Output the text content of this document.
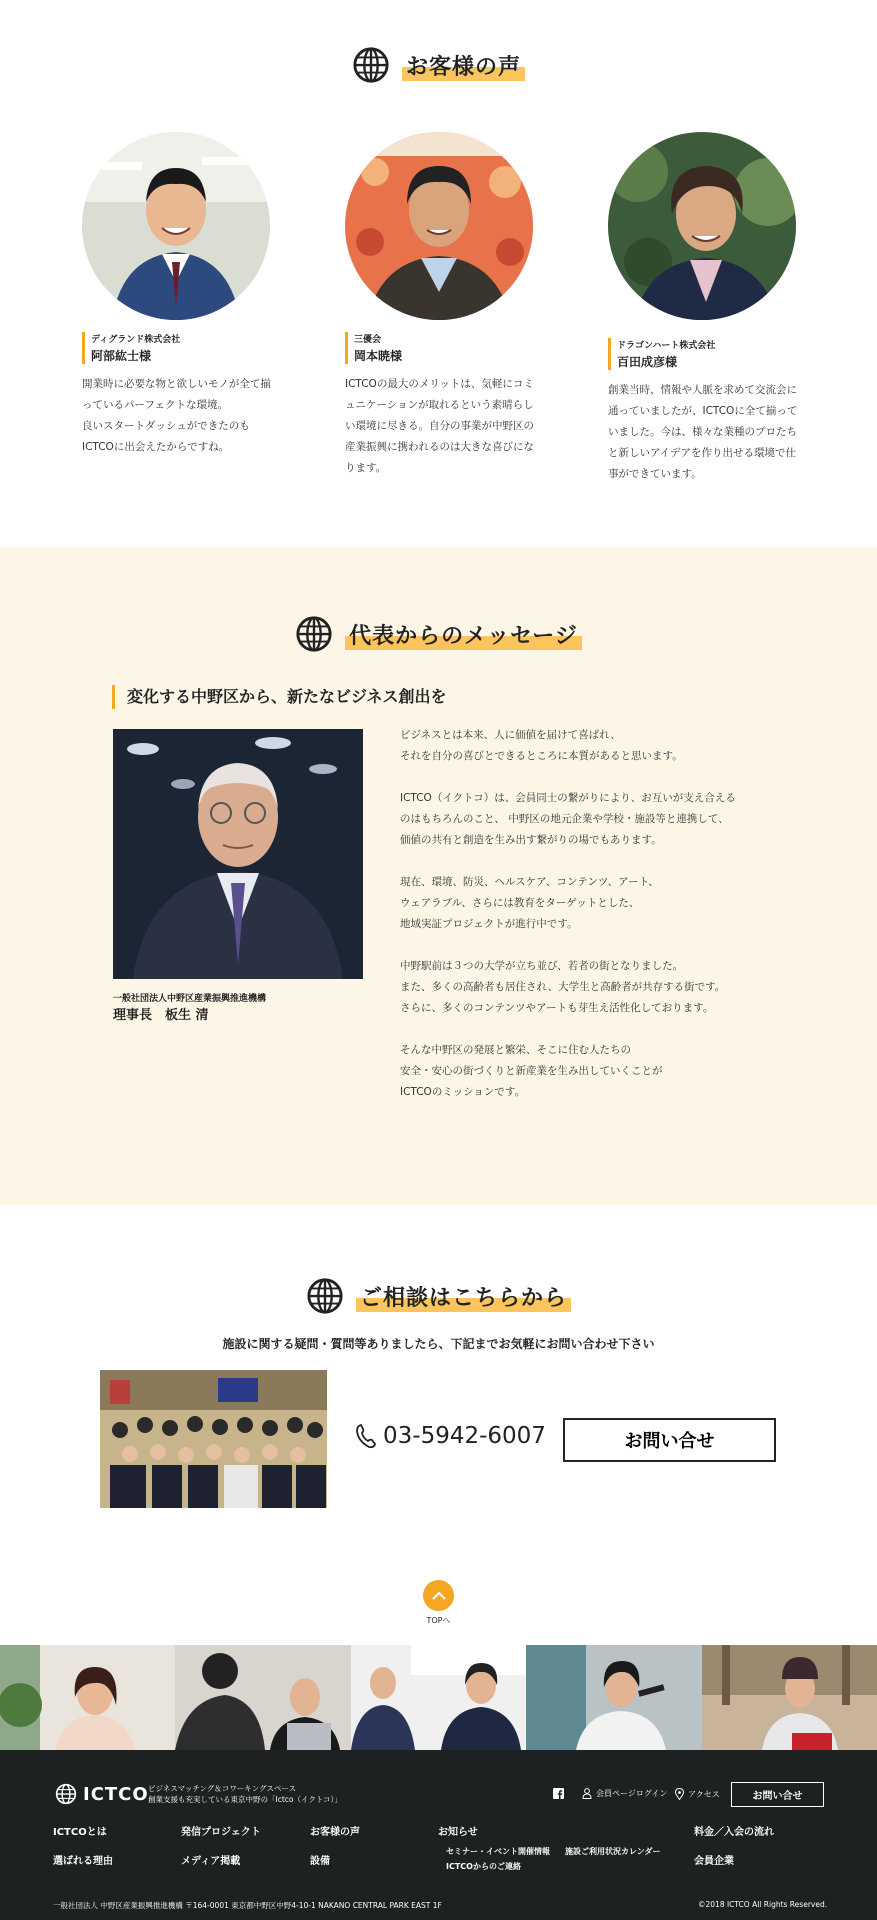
お客様の声
ディグランド株式会社
阿部紘士様
開業時に必要な物と欲しいモノが全て揃
っているパーフェクトな環境。
良いスタートダッシュができたのも
ICTCOに出会えたからですね。
三優会
岡本暁様
ICTCOの最大のメリットは、気軽にコミ
ュニケーションが取れるという素晴らし
い環境に尽きる。自分の事業が中野区の
産業振興に携われるのは大きな喜びにな
ります。
ドラゴンハート株式会社
百田成彦様
創業当時、情報や人脈を求めて交流会に
通っていましたが、ICTCOに全て揃って
いました。今は、様々な業種のプロたち
と新しいアイデアを作り出せる環境で仕
事ができています。
代表からのメッセージ
変化する中野区から、新たなビジネス創出を
一般社団法人中野区産業振興推進機構
理事長　板生 清

ビジネスとは本来、人に価値を届けて喜ばれ、
それを自分の喜びとできるところに本質があると思います。

ICTCO（イクトコ）は、会員同士の繋がりにより、お互いが支え合える
のはもちろんのこと、 中野区の地元企業や学校・施設等と連携して、
価値の共有と創造を生み出す繋がりの場でもあります。

現在、環境、防災、ヘルスケア、コンテンツ、アート、
ウェアラブル、さらには教育をターゲットとした、
地域実証プロジェクトが進行中です。

中野駅前は３つの大学が立ち並び、若者の街となりました。
また、多くの高齢者も居住され、大学生と高齢者が共存する街です。
さらに、多くのコンテンツやアートも芽生え活性化しております。

そんな中野区の発展と繁栄、そこに住む人たちの
安全・安心の街づくりと新産業を生み出していくことが
ICTCOのミッションです。

ご相談はこちらから
施設に関する疑問・質問等ありましたら、下記までお気軽にお問い合わせ下さい
03-5942-6007	お問い合せ
TOPへ
ICTCO ビジネスマッチング＆コワーキングスペース
創業支援も充実している東京中野の「Ictco（イクトコ）」
会員ページログイン	アクセス	お問い合せ
ICTCOとは
選ばれる理由
発信プロジェクト
メディア掲載
お客様の声
設備
お知らせ
セミナー・イベント開催情報 施設ご利用状況カレンダー
ICTCOからのご連絡
料金／入会の流れ
会員企業
一般社団法人 中野区産業振興推進機構 〒164-0001 東京都中野区中野4-10-1 NAKANO CENTRAL PARK EAST 1F	©2018 ICTCO All Rights Reserved.
